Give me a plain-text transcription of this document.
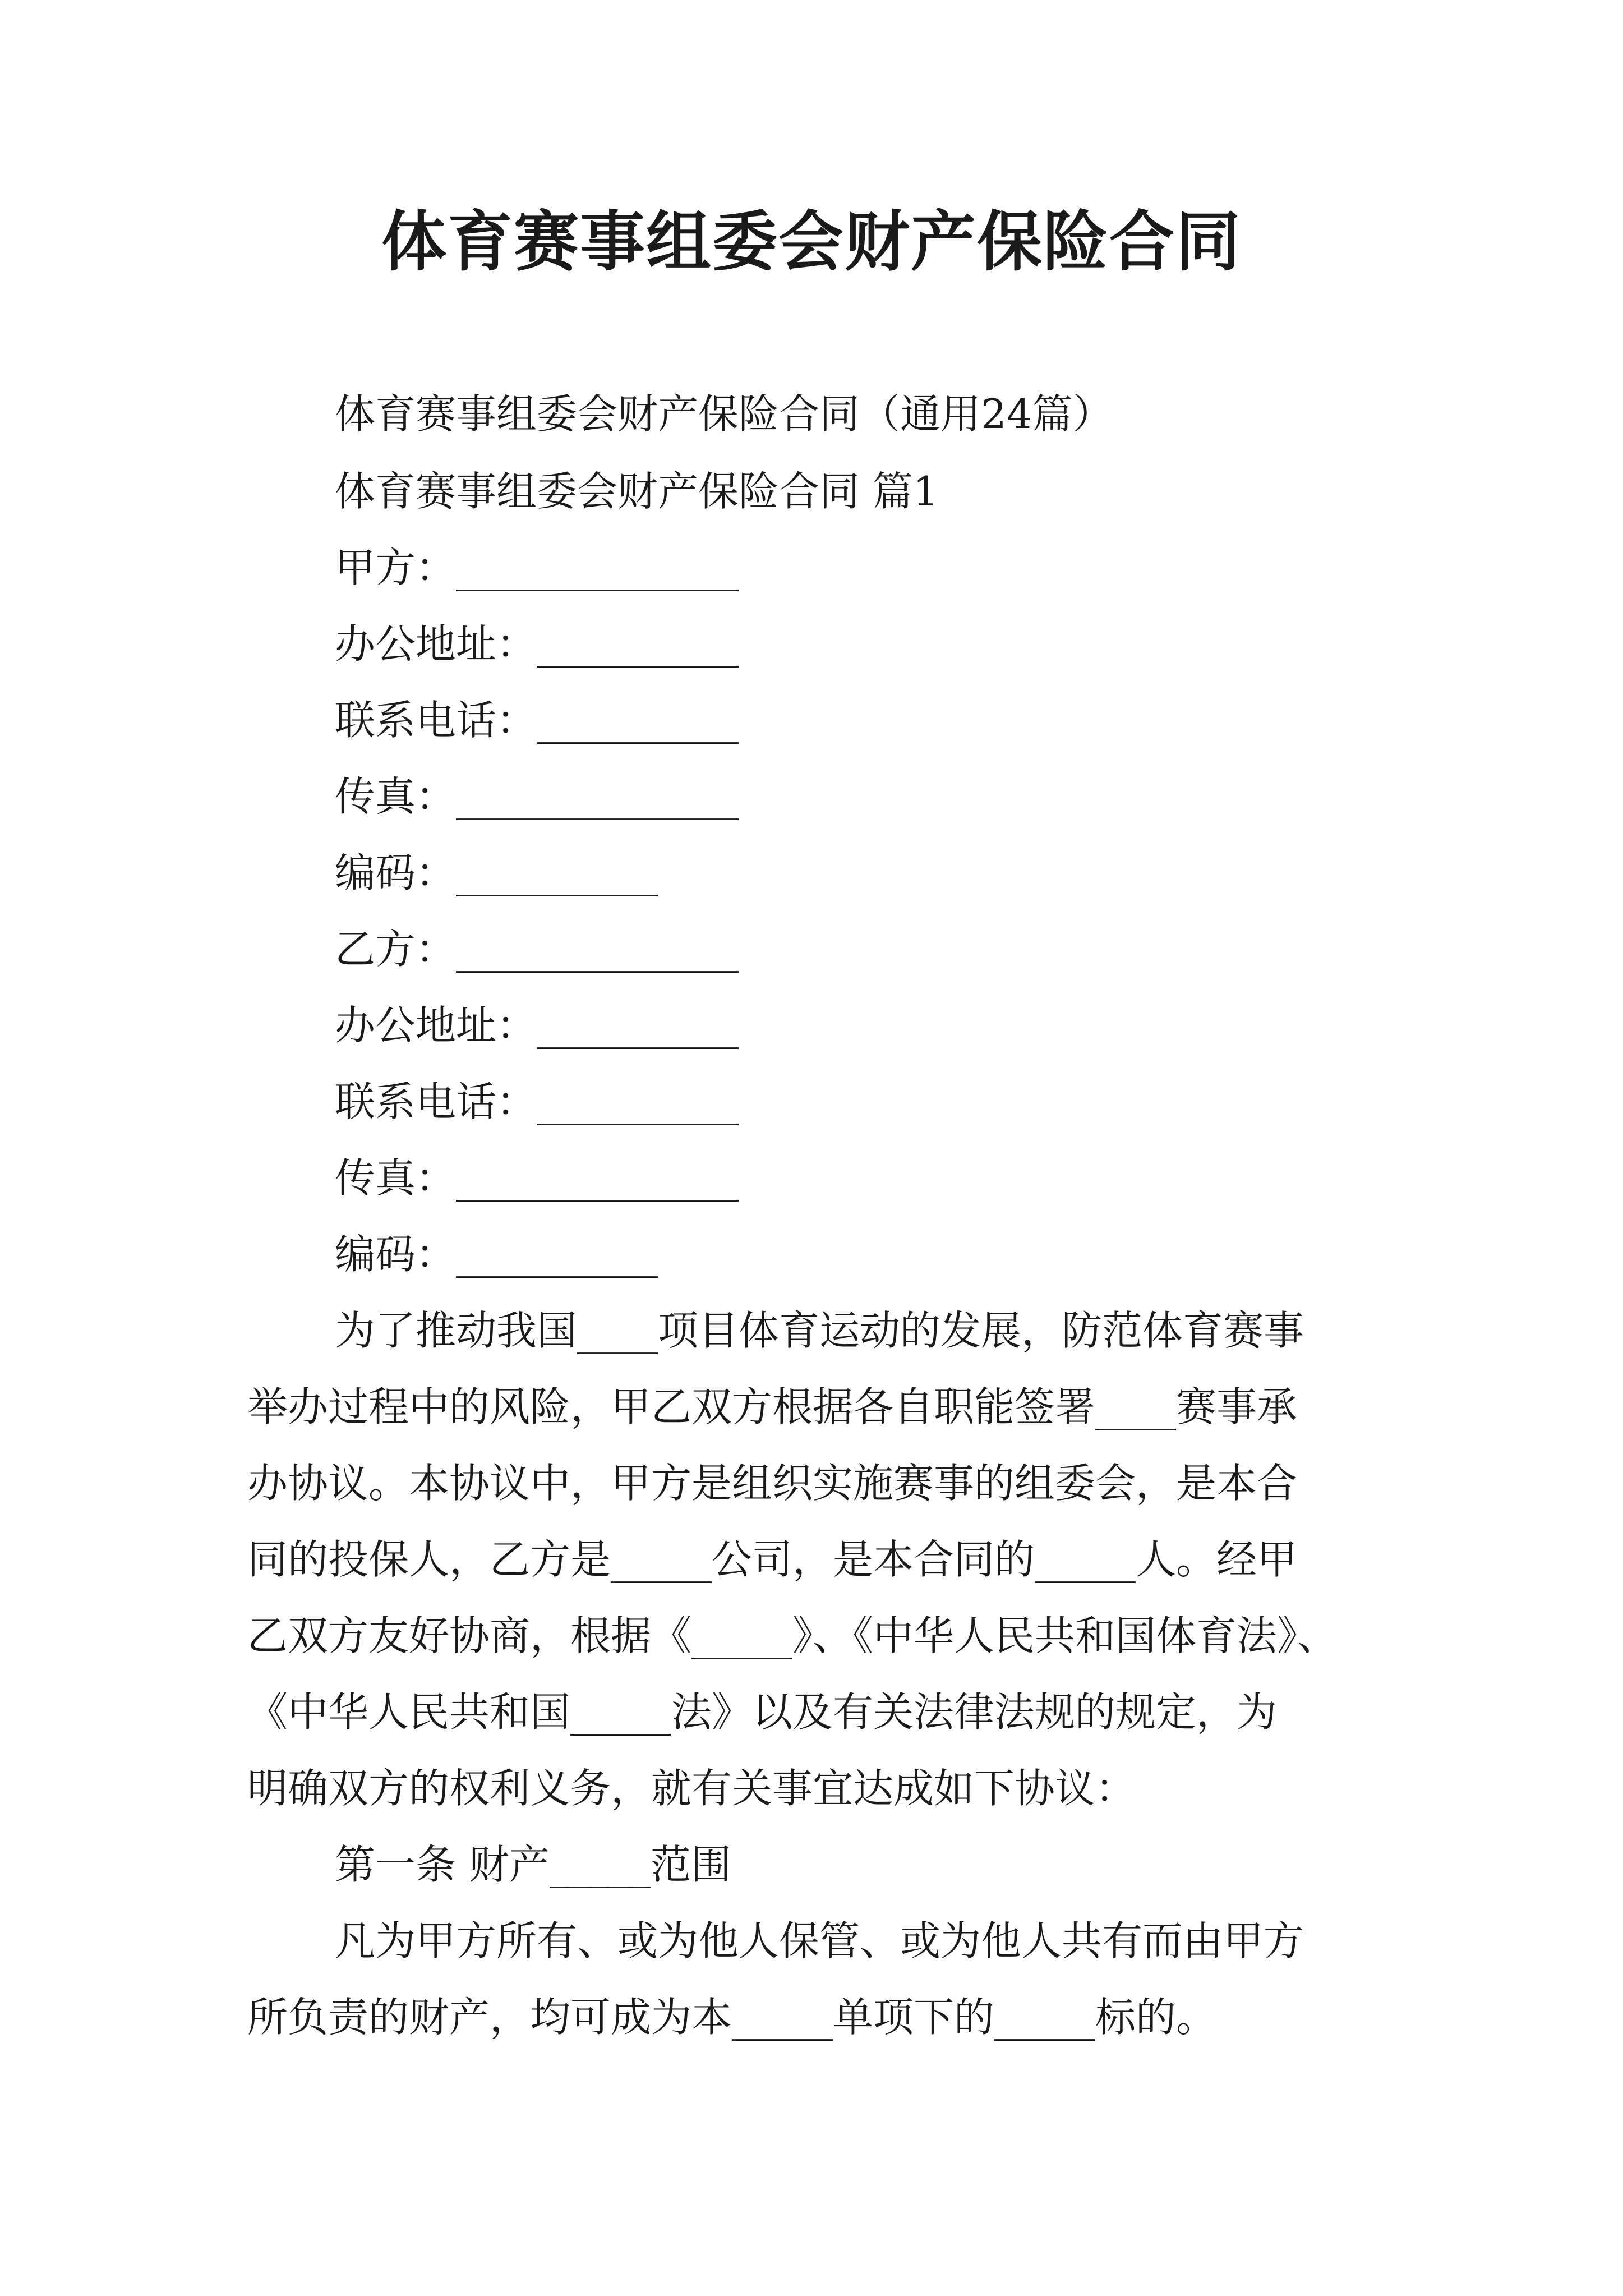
体育赛事组委会财产保险合同

体育赛事组委会财产保险合同（通用24篇）

体育赛事组委会财产保险合同 篇1

甲方：______________

办公地址：__________

联系电话：__________

传真：______________

编码：__________

乙方：______________

办公地址：__________

联系电话：__________

传真：______________

编码：__________

为了推动我国____项目体育运动的发展，防范体育赛事

举办过程中的风险，甲乙双方根据各自职能签署____赛事承

办协议。本协议中，甲方是组织实施赛事的组委会，是本合

同的投保人，乙方是_____公司，是本合同的_____人。经甲

乙双方友好协商，根据《_____》、《中华人民共和国体育法》、

《中华人民共和国_____法》以及有关法律法规的规定，为

明确双方的权利义务，就有关事宜达成如下协议：

第一条 财产_____范围

凡为甲方所有、或为他人保管、或为他人共有而由甲方

所负责的财产，均可成为本_____单项下的_____标的。
